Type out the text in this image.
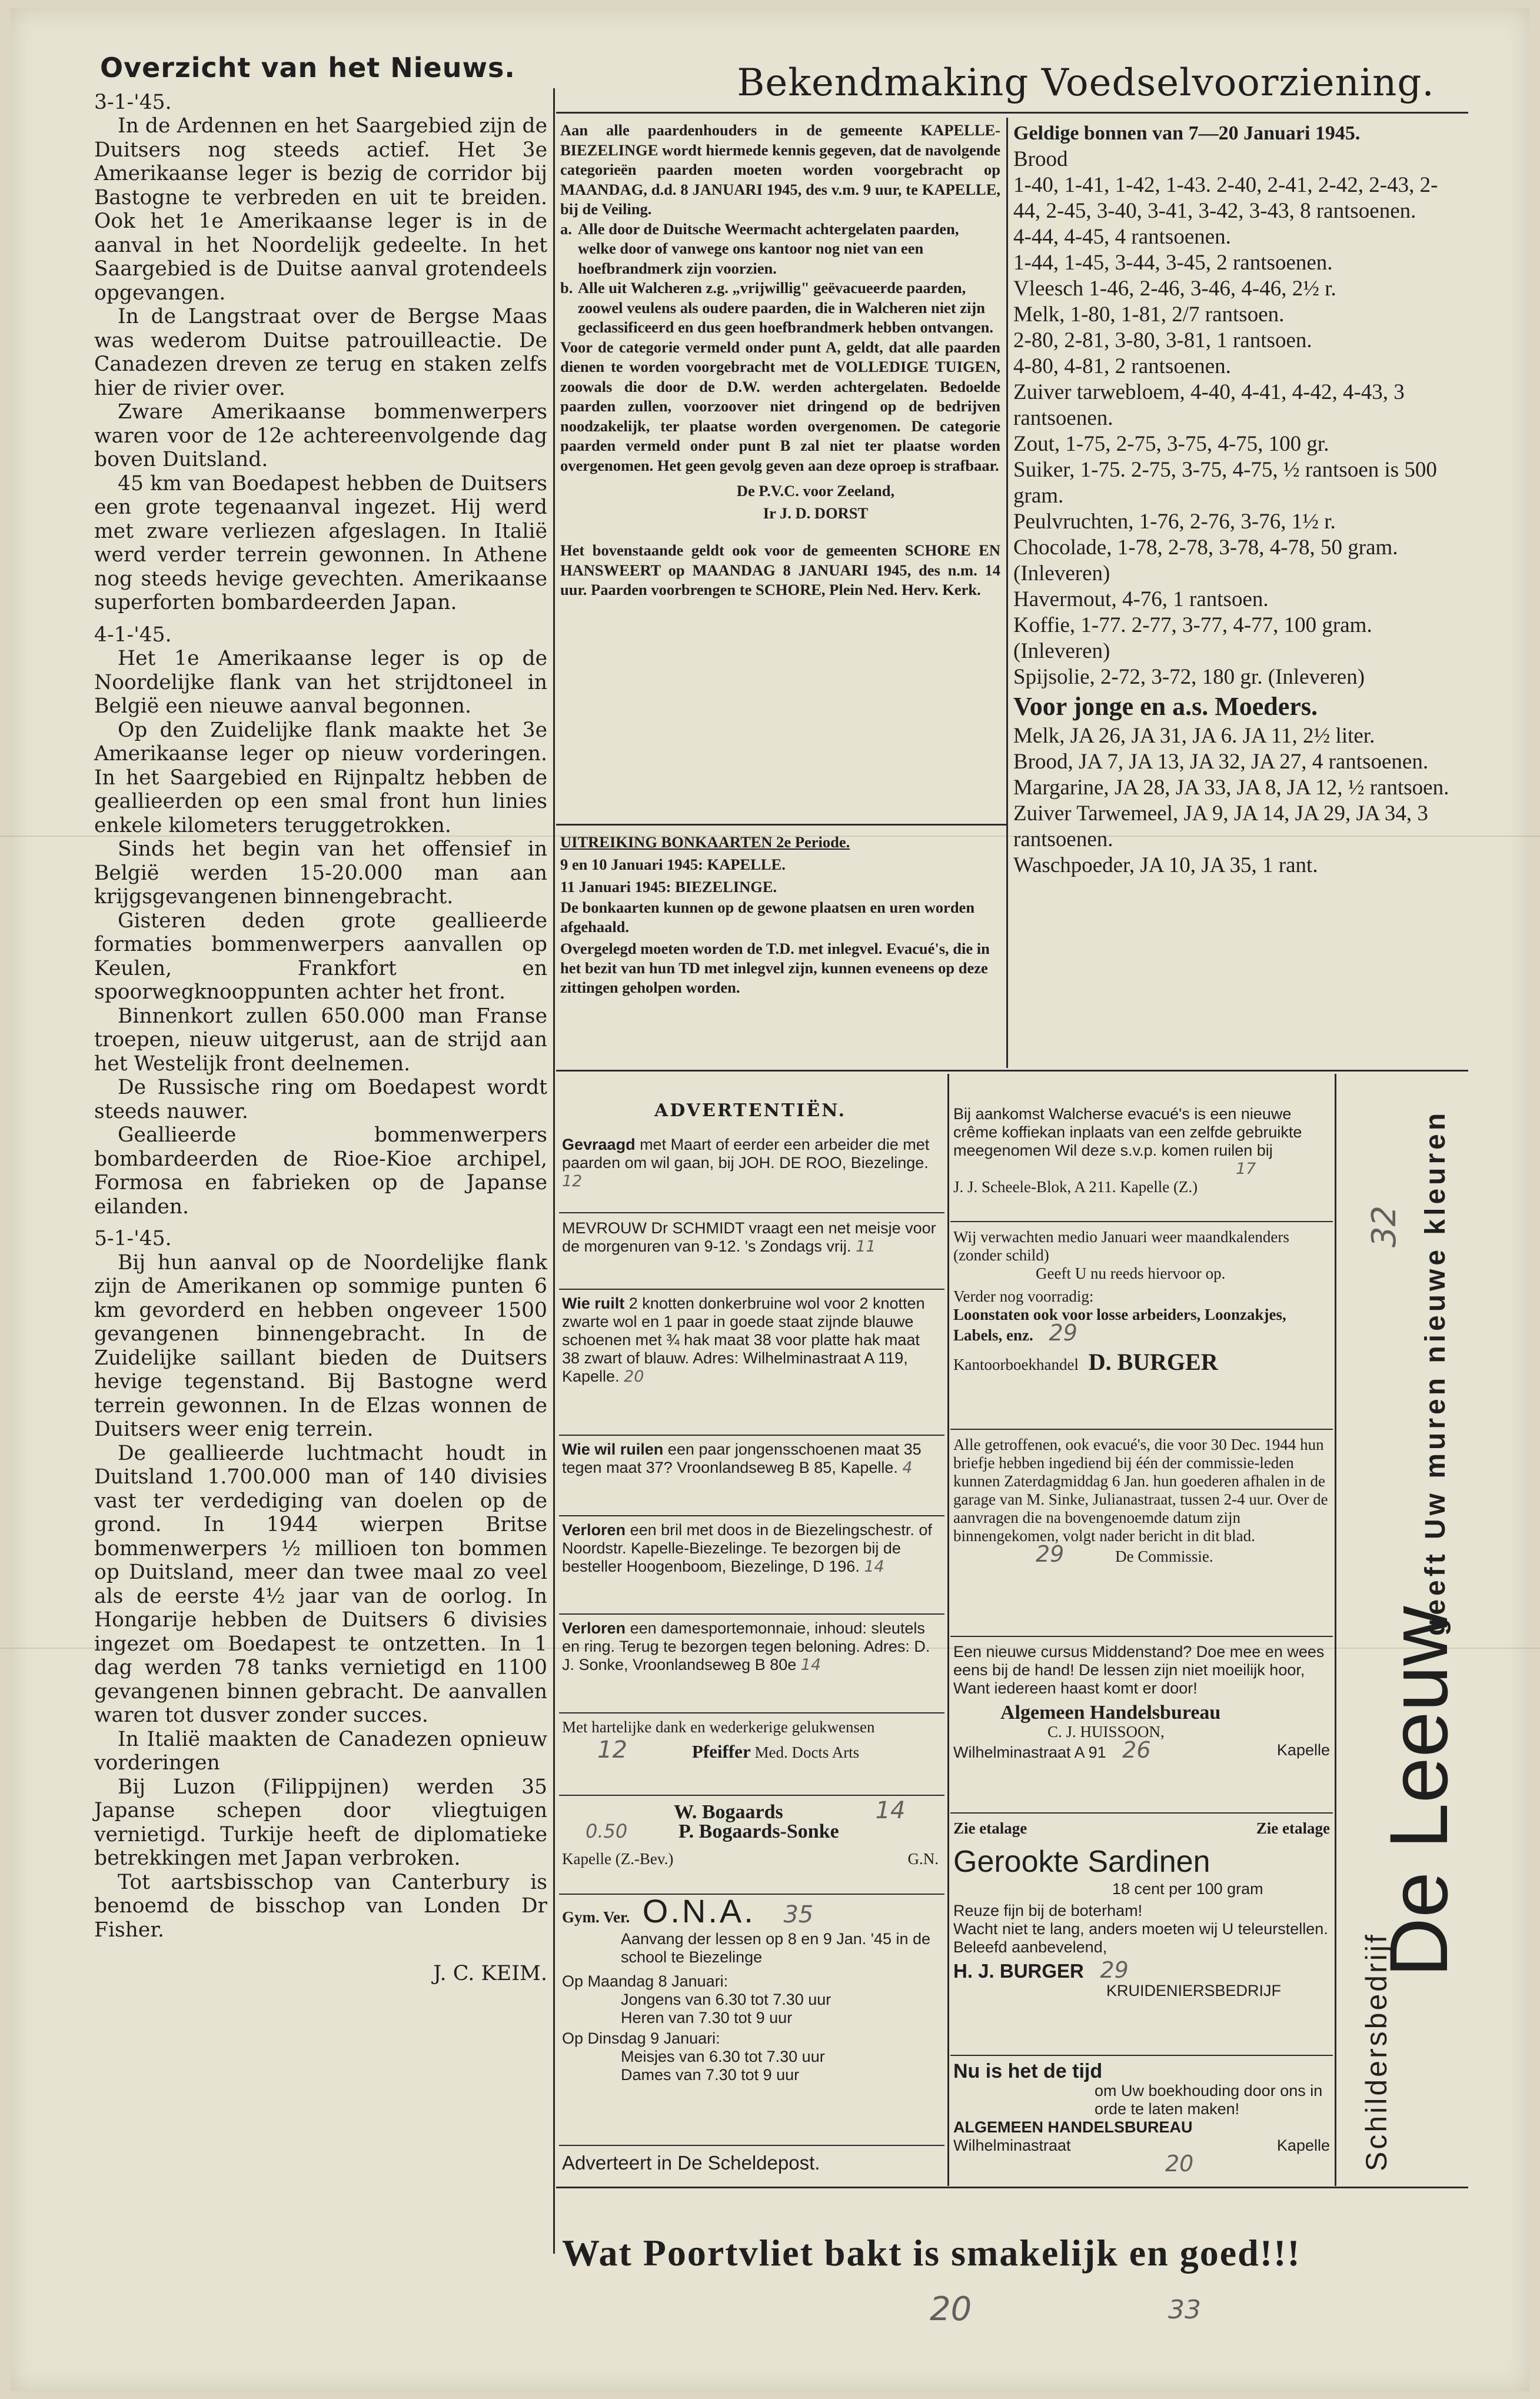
Overzicht van het Nieuws.

3-1-'45.

In de Ardennen en het Saargebied zijn de Duitsers nog steeds actief. Het 3e Amerikaanse leger is bezig de corridor bij Bastogne te verbreden en uit te breiden. Ook het 1e Amerikaanse leger is in de aanval in het Noordelijk gedeelte. In het Saargebied is de Duitse aanval grotendeels opgevangen.

In de Langstraat over de Bergse Maas was wederom Duitse patrouilleactie. De Canadezen dreven ze terug en staken zelfs hier de rivier over.

Zware Amerikaanse bommenwerpers waren voor de 12e achtereenvolgende dag boven Duitsland.

45 km van Boedapest hebben de Duitsers een grote tegenaanval ingezet. Hij werd met zware verliezen afgeslagen. In Italië werd verder terrein gewonnen. In Athene nog steeds hevige gevechten. Amerikaanse superforten bombardeerden Japan.

4-1-'45.

Het 1e Amerikaanse leger is op de Noordelijke flank van het strijdtoneel in België een nieuwe aanval begonnen.

Op den Zuidelijke flank maakte het 3e Amerikaanse leger op nieuw vorderingen. In het Saargebied en Rijnpaltz hebben de geallieerden op een smal front hun linies enkele kilometers teruggetrokken.

Sinds het begin van het offensief in België werden 15-20.000 man aan krijgsgevangenen binnengebracht.

Gisteren deden grote geallieerde formaties bommenwerpers aanvallen op Keulen, Frankfort en spoorwegknooppunten achter het front.

Binnenkort zullen 650.000 man Franse troepen, nieuw uitgerust, aan de strijd aan het Westelijk front deelnemen.

De Russische ring om Boedapest wordt steeds nauwer.

Geallieerde bommenwerpers bombardeerden de Rioe-Kioe archipel, Formosa en fabrieken op de Japanse eilanden.

5-1-'45.

Bij hun aanval op de Noordelijke flank zijn de Amerikanen op sommige punten 6 km gevorderd en hebben ongeveer 1500 gevangenen binnengebracht. In de Zuidelijke saillant bieden de Duitsers hevige tegenstand. Bij Bastogne werd terrein gewonnen. In de Elzas wonnen de Duitsers weer enig terrein.

De geallieerde luchtmacht houdt in Duitsland 1.700.000 man of 140 divisies vast ter verdediging van doelen op de grond. In 1944 wierpen Britse bommenwerpers ½ millioen ton bommen op Duitsland, meer dan twee maal zo veel als de eerste 4½ jaar van de oorlog. In Hongarije hebben de Duitsers 6 divisies ingezet om Boedapest te ontzetten. In 1 dag werden 78 tanks vernietigd en 1100 gevangenen binnen gebracht. De aanvallen waren tot dusver zonder succes.

In Italië maakten de Canadezen opnieuw vorderingen

Bij Luzon (Filippijnen) werden 35 Japanse schepen door vliegtuigen vernietigd. Turkije heeft de diplomatieke betrekkingen met Japan verbroken.

Tot aartsbisschop van Canterbury is benoemd de bisschop van Londen Dr Fisher.

J. C. KEIM.
Bekendmaking Voedselvoorziening.

Aan alle paardenhouders in de gemeente KAPELLE-BIEZELINGE wordt hiermede kennis gegeven, dat de navolgende categorieën paarden moeten worden voorgebracht op MAANDAG, d.d. 8 JANUARI 1945, des v.m. 9 uur, te KAPELLE, bij de Veiling.

a. Alle door de Duitsche Weermacht achtergelaten paarden, welke door of vanwege ons kantoor nog niet van een hoefbrandmerk zijn voorzien.
b. Alle uit Walcheren z.g. „vrijwillig" geëvacueerde paarden, zoowel veulens als oudere paarden, die in Walcheren niet zijn geclassificeerd en dus geen hoefbrandmerk hebben ontvangen.

Voor de categorie vermeld onder punt A, geldt, dat alle paarden dienen te worden voorgebracht met de VOLLEDIGE TUIGEN, zoowals die door de D.W. werden achtergelaten. Bedoelde paarden zullen, voorzoover niet dringend op de bedrijven noodzakelijk, ter plaatse worden overgenomen. De categorie paarden vermeld onder punt B zal niet ter plaatse worden overgenomen. Het geen gevolg geven aan deze oproep is strafbaar.

De P.V.C. voor Zeeland,
Ir J. D. DORST

Het bovenstaande geldt ook voor de gemeenten SCHORE EN HANSWEERT op MAANDAG 8 JANUARI 1945, des n.m. 14 uur. Paarden voorbrengen te SCHORE, Plein Ned. Herv. Kerk.

UITREIKING BONKAARTEN 2e Periode.

9 en 10 Januari 1945: KAPELLE.

11 Januari 1945: BIEZELINGE.

De bonkaarten kunnen op de gewone plaatsen en uren worden afgehaald.

Overgelegd moeten worden de T.D. met inlegvel. Evacué's, die in het bezit van hun TD met inlegvel zijn, kunnen eveneens op deze zittingen geholpen worden.

Geldige bonnen van 7—20 Januari 1945.

Brood

1-40, 1-41, 1-42, 1-43. 2-40, 2-41, 2-42, 2-43, 2-44, 2-45, 3-40, 3-41, 3-42, 3-43, 8 rantsoenen.

4-44, 4-45, 4 rantsoenen.

1-44, 1-45, 3-44, 3-45, 2 rantsoenen.

Vleesch 1-46, 2-46, 3-46, 4-46, 2½ r.

Melk, 1-80, 1-81, 2/7 rantsoen.

2-80, 2-81, 3-80, 3-81, 1 rantsoen.

4-80, 4-81, 2 rantsoenen.

Zuiver tarwebloem, 4-40, 4-41, 4-42, 4-43, 3 rantsoenen.

Zout, 1-75, 2-75, 3-75, 4-75, 100 gr.

Suiker, 1-75. 2-75, 3-75, 4-75, ½ rantsoen is 500 gram.

Peulvruchten, 1-76, 2-76, 3-76, 1½ r.

Chocolade, 1-78, 2-78, 3-78, 4-78, 50 gram. (Inleveren)

Havermout, 4-76, 1 rantsoen.

Koffie, 1-77. 2-77, 3-77, 4-77, 100 gram. (Inleveren)

Spijsolie, 2-72, 3-72, 180 gr. (Inleveren)

Voor jonge en a.s. Moeders.

Melk, JA 26, JA 31, JA 6. JA 11, 2½ liter.

Brood, JA 7, JA 13, JA 32, JA 27, 4 rantsoenen.

Margarine, JA 28, JA 33, JA 8, JA 12, ½ rantsoen.

Zuiver Tarwemeel, JA 9, JA 14, JA 29, JA 34, 3 rantsoenen.

Waschpoeder, JA 10, JA 35, 1 rant.

ADVERTENTIËN.

Gevraagd met Maart of eerder een arbeider die met paarden om wil gaan, bij JOH. DE ROO, Biezelinge. 12

MEVROUW Dr SCHMIDT vraagt een net meisje voor de morgenuren van 9-12. 's Zondags vrij. 11

Wie ruilt 2 knotten donkerbruine wol voor 2 knotten zwarte wol en 1 paar in goede staat zijnde blauwe schoenen met ¾ hak maat 38 voor platte hak maat 38 zwart of blauw. Adres: Wilhelminastraat A 119, Kapelle. 20

Wie wil ruilen een paar jongensschoenen maat 35 tegen maat 37? Vroonlandseweg B 85, Kapelle. 4

Verloren een bril met doos in de Biezelingschestr. of Noordstr. Kapelle-Biezelinge. Te bezorgen bij de besteller Hoogenboom, Biezelinge, D 196. 14

Verloren een damesportemonnaie, inhoud: sleutels en ring. Terug te bezorgen tegen beloning. Adres: D. J. Sonke, Vroonlandseweg B 80e 14

Met hartelijke dank en wederkerige gelukwensen

12	Pfeiffer Med. Docts Arts

W. Bogaards	14

0.50	P. Bogaards-Sonke

Kapelle (Z.-Bev.)	G.N.

Gym. Ver. O.N.A. 35

Aanvang der lessen op 8 en 9 Jan. '45 in de school te Biezelinge

Op Maandag 8 Januari:

Jongens van 6.30 tot 7.30 uur

Heren van 7.30 tot 9 uur

Op Dinsdag 9 Januari:

Meisjes van 6.30 tot 7.30 uur

Dames van 7.30 tot 9 uur

Adverteert in De Scheldepost.

Bij aankomst Walcherse evacué's is een nieuwe crême koffiekan inplaats van een zelfde gebruikte meegenomen Wil deze s.v.p. komen ruilen bij

17

J. J. Scheele-Blok, A 211. Kapelle (Z.)

Wij verwachten medio Januari weer maandkalenders (zonder schild)

Geeft U nu reeds hiervoor op.

Verder nog voorradig:

Loonstaten ook voor losse arbeiders, Loonzakjes, Labels, enz. 29

Kantoorboekhandel D. BURGER

Alle getroffenen, ook evacué's, die voor 30 Dec. 1944 hun briefje hebben ingediend bij één der commissie-leden kunnen Zaterdagmiddag 6 Jan. hun goederen afhalen in de garage van M. Sinke, Julianastraat, tussen 2-4 uur. Over de aanvragen die na bovengenoemde datum zijn binnengekomen, volgt nader bericht in dit blad.

29	De Commissie.

Een nieuwe cursus Middenstand? Doe mee en wees eens bij de hand! De lessen zijn niet moeilijk hoor, Want iedereen haast komt er door!

Algemeen Handelsbureau

C. J. HUISSOON,

Wilhelminastraat A 91 26	Kapelle

Zie etalage	Zie etalage

Gerookte Sardinen

18 cent per 100 gram

Reuze fijn bij de boterham!

Wacht niet te lang, anders moeten wij U teleurstellen. Beleefd aanbevelend,

H. J. BURGER 29

KRUIDENIERSBEDRIJF

Nu is het de tijd

om Uw boekhouding door ons in orde te laten maken!

ALGEMEEN HANDELSBUREAU

Wilhelminastraat	Kapelle

20	Schildersbedrijf
De Leeuw
geeft Uw muren nieuwe kleuren
32
Wat Poortvliet bakt is smakelijk en goed!!!
20	33
